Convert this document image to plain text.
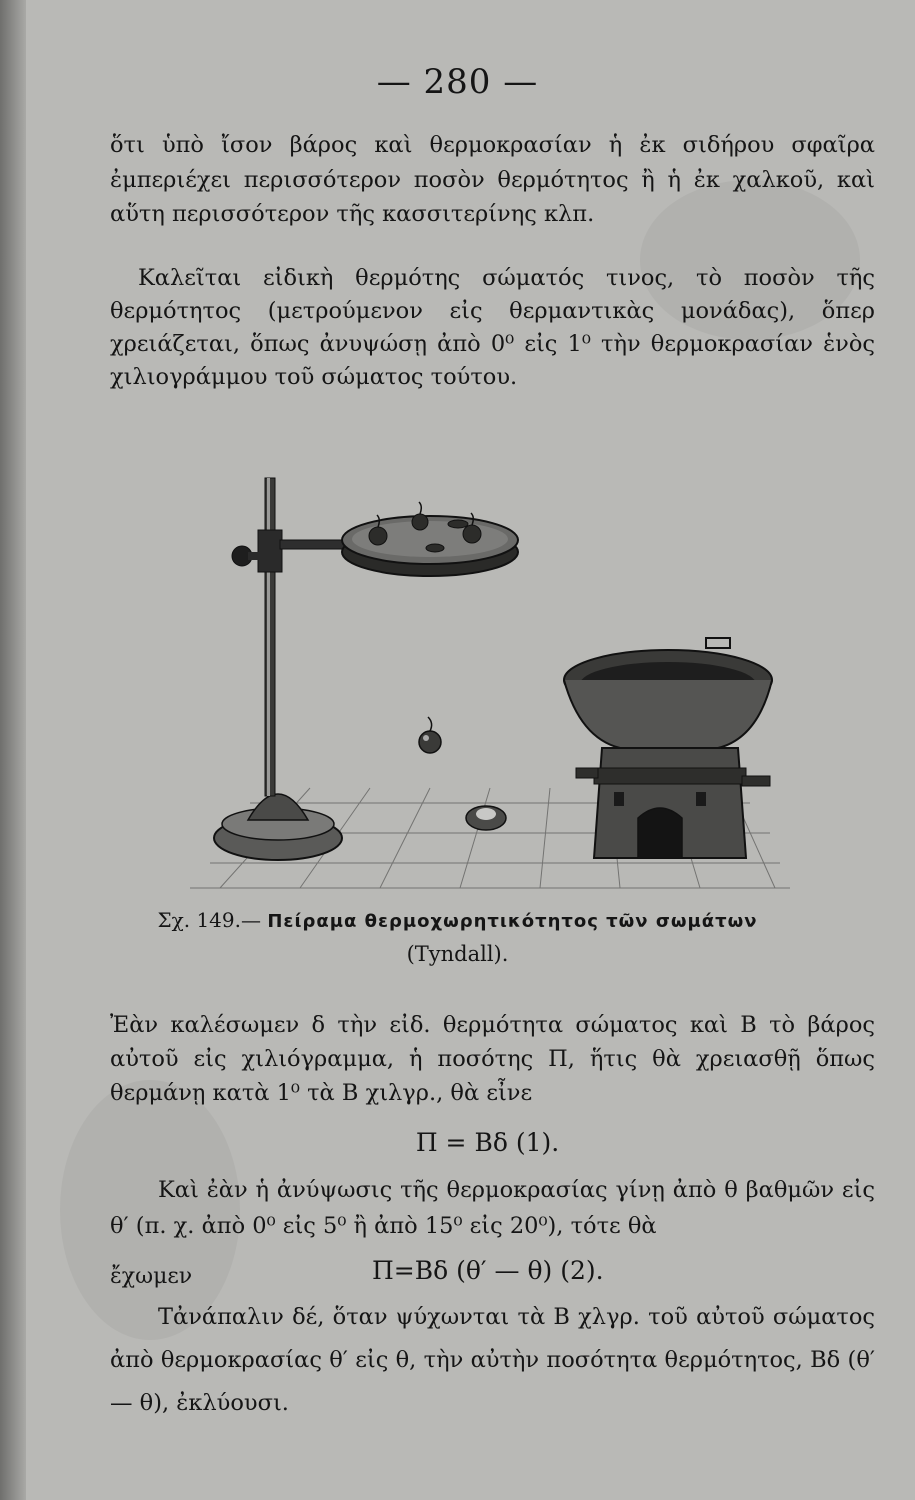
— 280 —

ὅτι ὑπὸ ἴσον βάρος καὶ θερμοκρασίαν ἡ ἐκ σιδήρου σφαῖρα ἐμπεριέχει περισσότερον ποσὸν θερμότητος ἢ ἡ ἐκ χαλκοῦ, καὶ αὕτη περισσότερον τῆς κασσιτερίνης κλπ.

Καλεῖται εἰδικὴ θερμότης σώματός τινος, τὸ ποσὸν τῆς θερμότητος (μετρούμενον εἰς θερμαντικὰς μονάδας), ὅπερ χρειάζεται, ὅπως ἀνυψώσῃ ἀπὸ 0⁰ εἰς 1⁰ τὴν θερμοκρασίαν ἑνὸς χιλιογράμμου τοῦ σώματος τούτου.

Σχ. 149.— Πείραμα θερμοχωρητικότητος τῶν σωμάτων
(Tyndall).

Ἐὰν καλέσωμεν δ τὴν εἰδ. θερμότητα σώματος καὶ Β τὸ βάρος αὐτοῦ εἰς χιλιόγραμμα, ἡ ποσότης Π, ἥτις θὰ χρειασθῇ ὅπως θερμάνῃ κατὰ 1⁰ τὰ Β χιλγρ., θὰ εἶνε

Π = Βδ (1).

Καὶ ἐὰν ἡ ἀνύψωσις τῆς θερμοκρασίας γίνῃ ἀπὸ θ βαθμῶν εἰς θ′ (π. χ. ἀπὸ 0⁰ εἰς 5⁰ ἢ ἀπὸ 15⁰ εἰς 20⁰), τότε θὰ

ἔχωμεν	Π=Βδ (θ′ — θ) (2).

Τἀνάπαλιν δέ, ὅταν ψύχωνται τὰ Β χλγρ. τοῦ αὐτοῦ σώματος ἀπὸ θερμοκρασίας θ′ εἰς θ, τὴν αὐτὴν ποσότητα θερμότητος, Βδ (θ′ — θ), ἐκλύουσι.
